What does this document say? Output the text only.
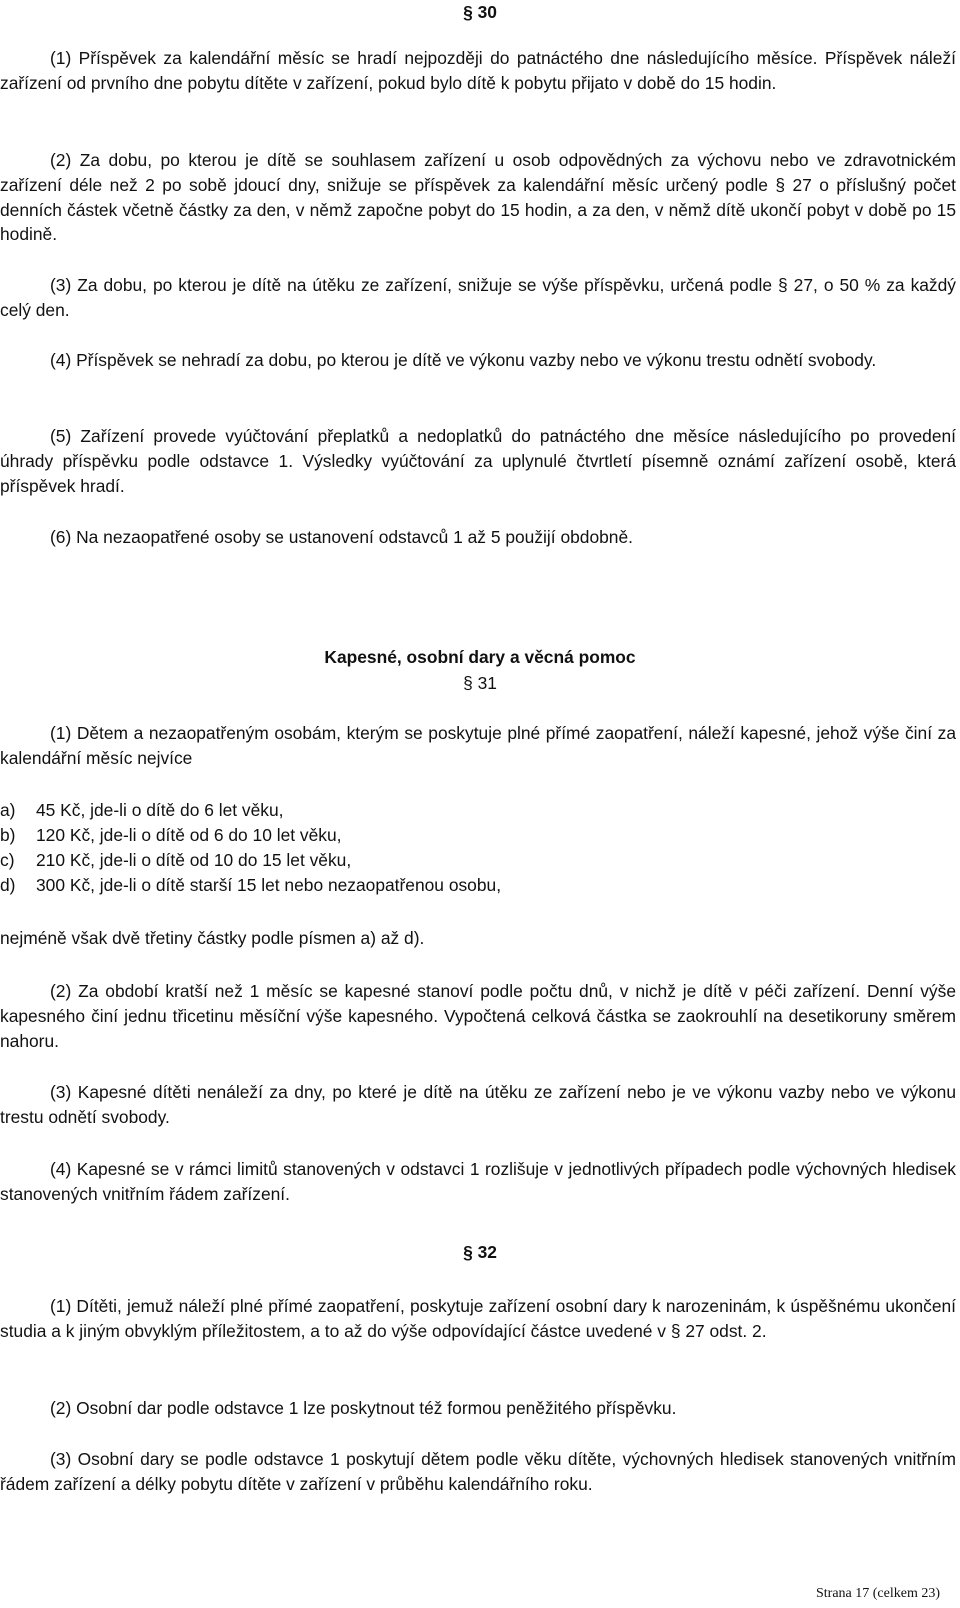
§ 30

(1) Příspěvek za kalendářní měsíc se hradí nejpozději do patnáctého dne následujícího měsíce. Příspěvek náleží zařízení od prvního dne pobytu dítěte v zařízení, pokud bylo dítě k pobytu přijato v době do 15 hodin.

(2) Za dobu, po kterou je dítě se souhlasem zařízení u osob odpovědných za výchovu nebo ve zdravotnickém zařízení déle než 2 po sobě jdoucí dny, snižuje se příspěvek za kalendářní měsíc určený podle § 27 o příslušný počet denních částek včetně částky za den, v němž započne pobyt do 15 hodin, a za den, v němž dítě ukončí pobyt v době po 15 hodině.

(3) Za dobu, po kterou je dítě na útěku ze zařízení, snižuje se výše příspěvku, určená podle § 27, o 50 % za každý celý den.

(4) Příspěvek se nehradí za dobu, po kterou je dítě ve výkonu vazby nebo ve výkonu trestu odnětí svobody.

(5) Zařízení provede vyúčtování přeplatků a nedoplatků do patnáctého dne měsíce následujícího po provedení úhrady příspěvku podle odstavce 1. Výsledky vyúčtování za uplynulé čtvrtletí písemně oznámí zařízení osobě, která příspěvek hradí.

(6) Na nezaopatřené osoby se ustanovení odstavců 1 až 5 použijí obdobně.

Kapesné, osobní dary a věcná pomoc

§ 31

(1) Dětem a nezaopatřeným osobám, kterým se poskytuje plné přímé zaopatření, náleží kapesné, jehož výše činí za kalendářní měsíc nejvíce

a) 45 Kč, jde-li o dítě do 6 let věku,
b) 120 Kč, jde-li o dítě od 6 do 10 let věku,
c) 210 Kč, jde-li o dítě od 10 do 15 let věku,
d) 300 Kč, jde-li o dítě starší 15 let nebo nezaopatřenou osobu,

nejméně však dvě třetiny částky podle písmen a) až d).

(2) Za období kratší než 1 měsíc se kapesné stanoví podle počtu dnů, v nichž je dítě v péči zařízení. Denní výše kapesného činí jednu třicetinu měsíční výše kapesného. Vypočtená celková částka se zaokrouhlí na desetikoruny směrem nahoru.

(3) Kapesné dítěti nenáleží za dny, po které je dítě na útěku ze zařízení nebo je ve výkonu vazby nebo ve výkonu trestu odnětí svobody.

(4) Kapesné se v rámci limitů stanovených v odstavci 1 rozlišuje v jednotlivých případech podle výchovných hledisek stanovených vnitřním řádem zařízení.

§ 32

(1) Dítěti, jemuž náleží plné přímé zaopatření, poskytuje zařízení osobní dary k narozeninám, k úspěšnému ukončení studia a k jiným obvyklým příležitostem, a to až do výše odpovídající částce uvedené v § 27 odst. 2.

(2) Osobní dar podle odstavce 1 lze poskytnout též formou peněžitého příspěvku.

(3) Osobní dary se podle odstavce 1 poskytují dětem podle věku dítěte, výchovných hledisek stanovených vnitřním řádem zařízení a délky pobytu dítěte v zařízení v průběhu kalendářního roku.

Strana 17 (celkem 23)
